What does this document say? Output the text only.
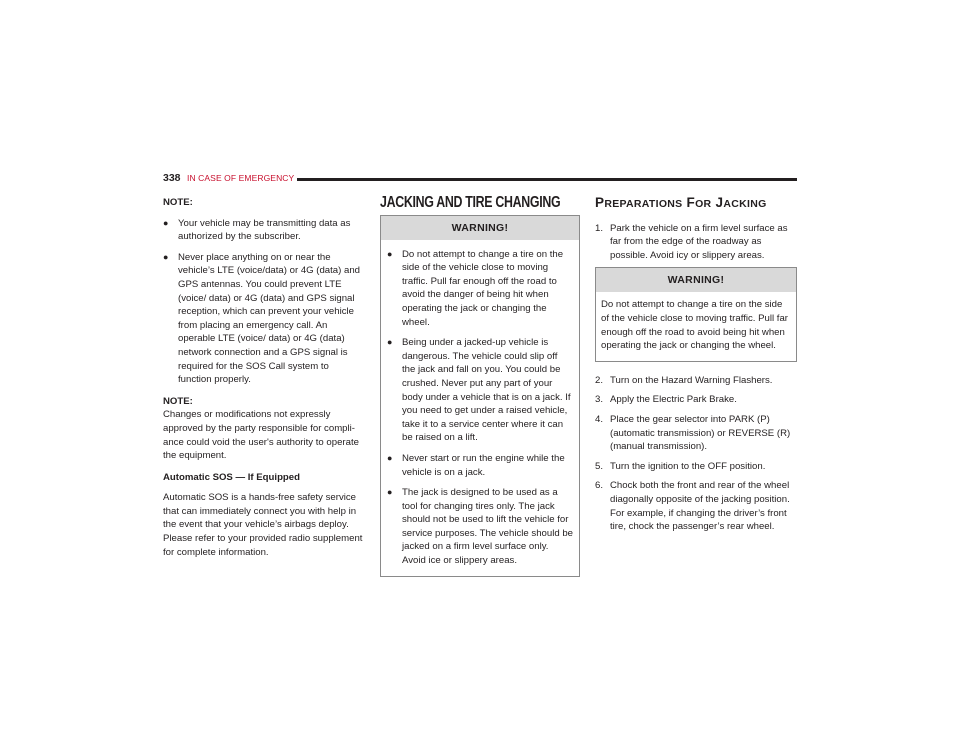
338 IN CASE OF EMERGENCY

NOTE:

● Your vehicle may be transmitting data as authorized by the subscriber.
● Never place anything on or near the vehicle’s LTE (voice/data) or 4G (data) and GPS antennas. You could prevent LTE (voice/ data) or 4G (data) and GPS signal reception, which can prevent your vehicle from placing an emergency call. An operable LTE (voice/ data) or 4G (data) network connection and a GPS signal is required for the SOS Call system to function properly.

NOTE:

Changes or modifications not expressly approved by the party responsible for compli- ance could void the user's authority to operate the equipment.

Automatic SOS — If Equipped

Automatic SOS is a hands-free safety service that can immediately connect you with help in the event that your vehicle’s airbags deploy. Please refer to your provided radio supplement for complete information.

JACKING AND TIRE CHANGING
WARNING!
● Do not attempt to change a tire on the side of the vehicle close to moving traffic. Pull far enough off the road to avoid the danger of being hit when operating the jack or changing the wheel.
● Being under a jacked-up vehicle is dangerous. The vehicle could slip off the jack and fall on you. You could be crushed. Never put any part of your body under a vehicle that is on a jack. If you need to get under a raised vehicle, take it to a service center where it can be raised on a lift.
● Never start or run the engine while the vehicle is on a jack.
● The jack is designed to be used as a tool for changing tires only. The jack should not be used to lift the vehicle for service purposes. The vehicle should be jacked on a firm level surface only. Avoid ice or slippery areas.
PREPARATIONS FOR JACKING
1. Park the vehicle on a firm level surface as far from the edge of the roadway as possible. Avoid icy or slippery areas.
WARNING!

Do not attempt to change a tire on the side of the vehicle close to moving traffic. Pull far enough off the road to avoid being hit when operating the jack or changing the wheel.

2. Turn on the Hazard Warning Flashers.
3. Apply the Electric Park Brake.
4. Place the gear selector into PARK (P) (automatic transmission) or REVERSE (R) (manual transmission).
5. Turn the ignition to the OFF position.
6. Chock both the front and rear of the wheel diagonally opposite of the jacking position. For example, if changing the driver’s front tire, chock the passenger’s rear wheel.
